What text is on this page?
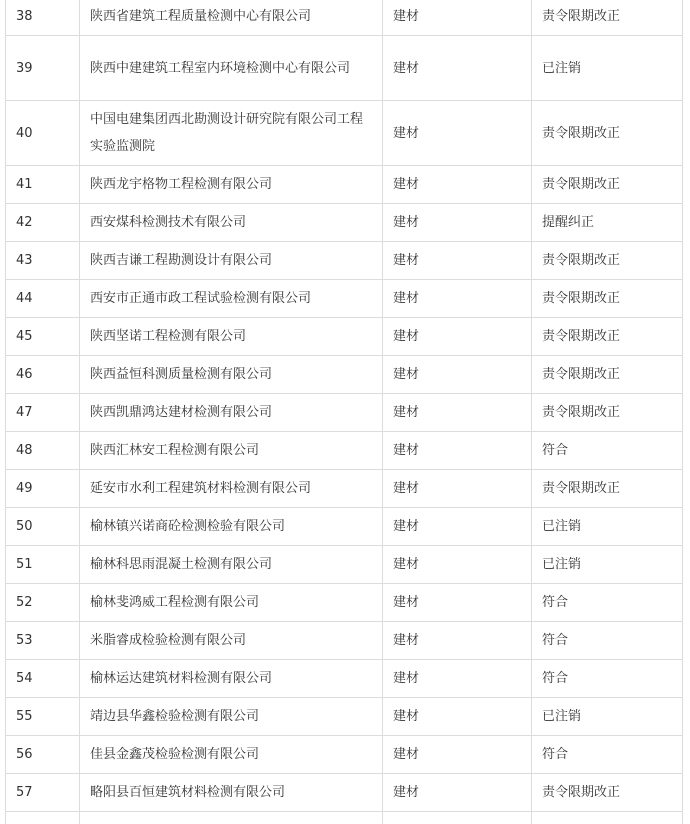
38	陕西省建筑工程质量检测中心有限公司	建材	责令限期改正
39	陕西中建建筑工程室内环境检测中心有限公司	建材	已注销
40	中国电建集团西北勘测设计研究院有限公司工程实验监测院	建材	责令限期改正
41	陕西龙宇格物工程检测有限公司	建材	责令限期改正
42	西安煤科检测技术有限公司	建材	提醒纠正
43	陕西吉谦工程勘测设计有限公司	建材	责令限期改正
44	西安市正通市政工程试验检测有限公司	建材	责令限期改正
45	陕西坚诺工程检测有限公司	建材	责令限期改正
46	陕西益恒科测质量检测有限公司	建材	责令限期改正
47	陕西凯鼎鸿达建材检测有限公司	建材	责令限期改正
48	陕西汇林安工程检测有限公司	建材	符合
49	延安市水利工程建筑材料检测有限公司	建材	责令限期改正
50	榆林镇兴诺商砼检测检验有限公司	建材	已注销
51	榆林科思雨混凝土检测有限公司	建材	已注销
52	榆林斐鸿威工程检测有限公司	建材	符合
53	米脂睿成检验检测有限公司	建材	符合
54	榆林运达建筑材料检测有限公司	建材	符合
55	靖边县华鑫检验检测有限公司	建材	已注销
56	佳县金鑫茂检验检测有限公司	建材	符合
57	略阳县百恒建筑材料检测有限公司	建材	责令限期改正
